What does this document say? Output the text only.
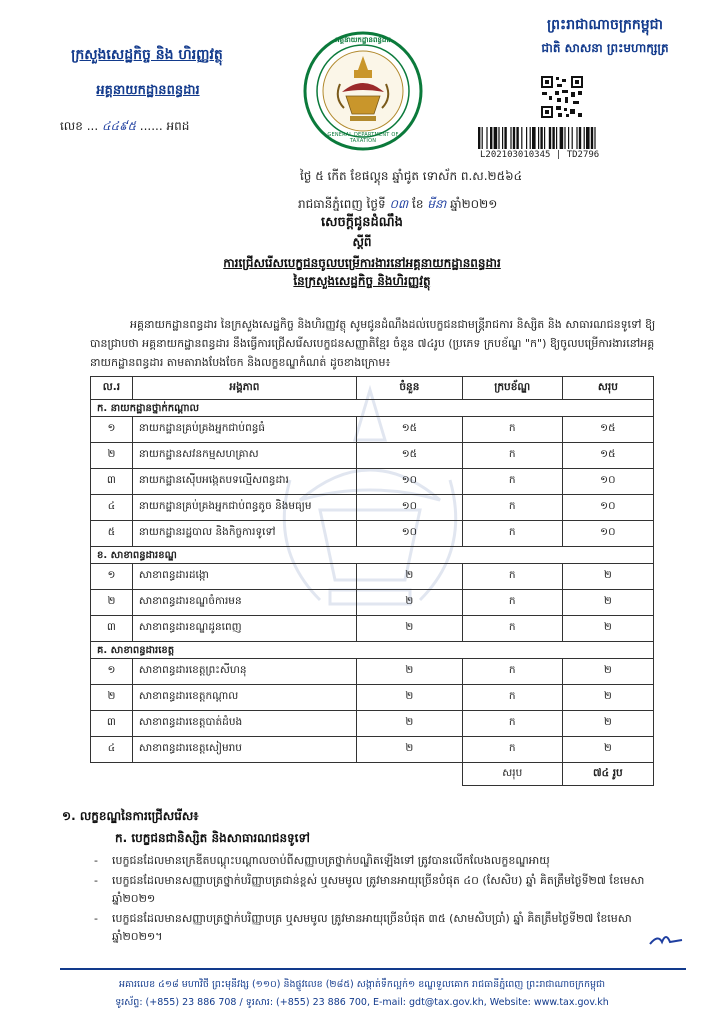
ក្រសួងសេដ្ឋកិច្ច និង ហិរញ្ញវត្ថុ
អគ្គនាយកដ្ឋានពន្ធដារ
លេខ ... ៤៤៩៥ ...... អពដ
អគ្គនាយកដ្ឋានពន្ធដារ
GENERAL DEPARTMENT OF TAXATION
ព្រះរាជាណាចក្រកម្ពុជា
ជាតិ សាសនា ព្រះមហាក្សត្រ
L202103010345 | TD2796
ថ្ងៃ ៥ កើត ខែផល្គុន ឆ្នាំជូត ទោស័ក ព.ស.២៥៦៤
រាជធានីភ្នំពេញ ថ្ងៃទី ០៣ ខែ មីនា ឆ្នាំ២០២១
សេចក្ដីជូនដំណឹង
ស្ដីពី
ការជ្រើសរើសបេក្ខជនចូលបម្រើការងារនៅអគ្គនាយកដ្ឋានពន្ធដារ
នៃក្រសួងសេដ្ឋកិច្ច និងហិរញ្ញវត្ថុ
អគ្គនាយកដ្ឋានពន្ធដារ នៃក្រសួងសេដ្ឋកិច្ច និងហិរញ្ញវត្ថុ សូមជូនដំណឹងដល់បេក្ខជនជាមន្ត្រីរាជការ និស្សិត និង សាធារណជនទូទៅ ឱ្យបានជ្រាបថា អគ្គនាយកដ្ឋានពន្ធដារ នឹងធ្វើការជ្រើសរើសបេក្ខជនសញ្ញាតិខ្មែរ ចំនួន ៧៤រូប (ប្រភេទ ក្របខ័ណ្ឌ "ក") ឱ្យចូលបម្រើការងារនៅអគ្គនាយកដ្ឋានពន្ធដារ តាមតារាងបែងចែក និងលក្ខខណ្ឌកំណត់ ដូចខាងក្រោម៖
ល.រ	អង្គភាព	ចំនួន	ក្របខ័ណ្ឌ	សរុប
ក. នាយកដ្ឋានថ្នាក់កណ្ដាល				
១	នាយកដ្ឋានគ្រប់គ្រងអ្នកជាប់ពន្ធធំ	១៥	ក	១៥
២	នាយកដ្ឋានសវនកម្មសហគ្រាស	១៥	ក	១៥
៣	នាយកដ្ឋានស៊ើបអង្កេតបទល្មើសពន្ធដារ	១០	ក	១០
៤	នាយកដ្ឋានគ្រប់គ្រងអ្នកជាប់ពន្ធតូច និងមធ្យម	១០	ក	១០
៥	នាយកដ្ឋានរដ្ឋបាល និងកិច្ចការទូទៅ	១០	ក	១០
ខ. សាខាពន្ធដារខណ្ឌ				
១	សាខាពន្ធដារដង្កោ	២	ក	២
២	សាខាពន្ធដារខណ្ឌចំការមន	២	ក	២
៣	សាខាពន្ធដារខណ្ឌដូនពេញ	២	ក	២
គ. សាខាពន្ធដារខេត្ត				
១	សាខាពន្ធដារខេត្តព្រះសីហនុ	២	ក	២
២	សាខាពន្ធដារខេត្តកណ្ដាល	២	ក	២
៣	សាខាពន្ធដារខេត្តបាត់ដំបង	២	ក	២
៤	សាខាពន្ធដារខេត្តសៀមរាប	២	ក	២
			សរុប	៧៤ រូប
១. លក្ខខណ្ឌនៃការជ្រើសរើស៖
ក. បេក្ខជនជានិស្សិត និងសាធារណជនទូទៅ
- បេក្ខជនដែលមានក្រេឌីតបណ្ដុះបណ្ដាលចាប់ពីសញ្ញាបត្រថ្នាក់បណ្ឌិតឡើងទៅ ត្រូវបានលើកលែងលក្ខខណ្ឌអាយុ
- បេក្ខជនដែលមានសញ្ញាបត្រថ្នាក់បរិញ្ញាបត្រជាន់ខ្ពស់ ឬសមមូល ត្រូវមានអាយុច្រើនបំផុត ៤០ (សែសិប) ឆ្នាំ គិតត្រឹមថ្ងៃទី២៧ ខែមេសា ឆ្នាំ២០២១
- បេក្ខជនដែលមានសញ្ញាបត្រថ្នាក់បរិញ្ញាបត្រ ឬសមមូល ត្រូវមានអាយុច្រើនបំផុត ៣៥ (សាមសិបប្រាំ) ឆ្នាំ គិតត្រឹមថ្ងៃទី២៧ ខែមេសា ឆ្នាំ២០២១។
អគារលេខ ៤១៨ មហាវិថី ព្រះមុនីវង្ស (១១០) និងផ្លូវលេខ (២៨៥) សង្កាត់ទឹកល្អក់១ ខណ្ឌទួលគោក រាជធានីភ្នំពេញ ព្រះរាជាណាចក្រកម្ពុជា
ទូរស័ព្ទ: (+855) 23 886 708 / ទូរសារ: (+855) 23 886 700, E-mail: gdt@tax.gov.kh, Website: www.tax.gov.kh
